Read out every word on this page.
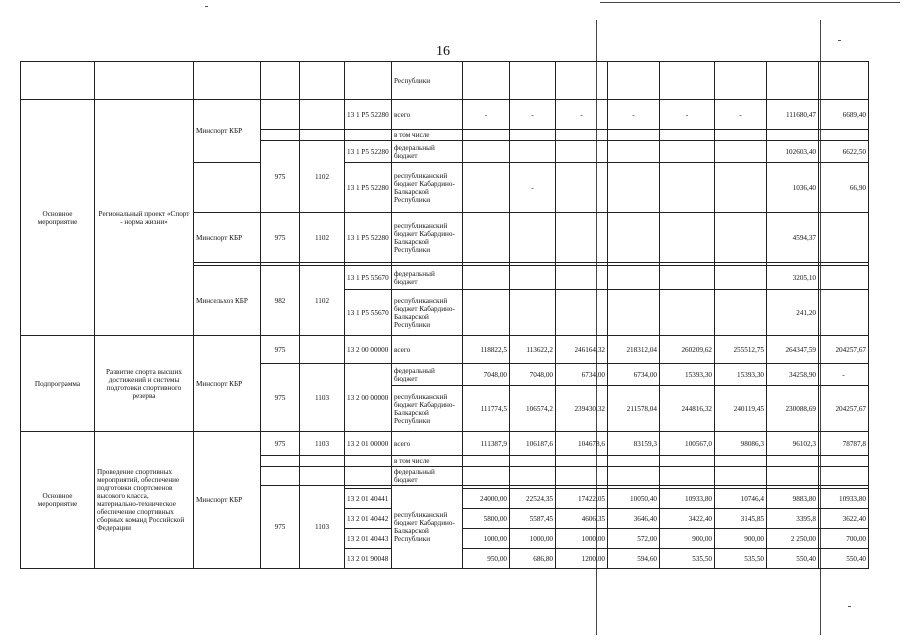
16
						Республики								
Основное мероприятие	Региональный проект «Спорт - норма жизни»	Минспорт КБР			13 1 Р5 52280	всего	-	-	-	-	-	-	111680,47	6689,40
						в том числе								
			975	1102	13 1 Р5 52280	федеральный бюджет							102603,40	6622,50
					13 1 Р5 52280	республиканский бюджет Кабардино-Балкарской Республики		-					1036,40	66,90
		Минспорт КБР	975	1102	13 1 Р5 52280	республиканский бюджет Кабардино-Балкарской Республики							4594,37	

		Минсельхоз КБР	982	1102	13 1 Р5 55670	федеральный бюджет							3205,10	
					13 1 Р5 55670	республиканский бюджет Кабардино-Балкарской Республики							241,20	
Подпрограмма	Развитие спорта высших достижений и системы подготовки спортивного резерва	Минспорт КБР	975		13 2 00 00000	всего	118822,5	113622,2	246164,32	218312,04	260209,62	255512,75	264347,59	204257,67
			975	1103	13 2 00 00000	федеральный бюджет	7048,00	7048,00	6734,00	6734,00	15393,30	15393,30	34258,90	-
						республиканский бюджет Кабардино-Балкарской Республики	111774,5	106574,2	239430,32	211578,04	244816,32	240119,45	230088,69	204257,67
Основное мероприятие	Проведение спортивных мероприятий, обеспечение подготовки спортсменов высокого класса, материально-техническое обеспечение спортивных сборных команд Российской Федерации	Минспорт КБР	975	1103	13 2 01 00000	всего	111387,9	106187,6	104678,6	83159,3	100567,0	98086,3	96102,3	78787,8
						в том числе								
						федеральный бюджет								
			975	1103		республиканский бюджет Кабардино-Балкарской Республики								
					13 2 01 40441		24000,00	22524,35	17422,05	10050,40	10933,80	10746,4	9883,80	10933,80
					13 2 01 40442		5800,00	5587,45	4606,35	3646,40	3422,40	3145,85	3395,8	3622,40
					13 2 01 40443		1000,00	1000,00	1000,00	572,00	900,00	900,00	2 250,00	700,00
					13 2 01 90048		950,00	686,80	1200,00	594,60	535,50	535,50	550,40	550,40
